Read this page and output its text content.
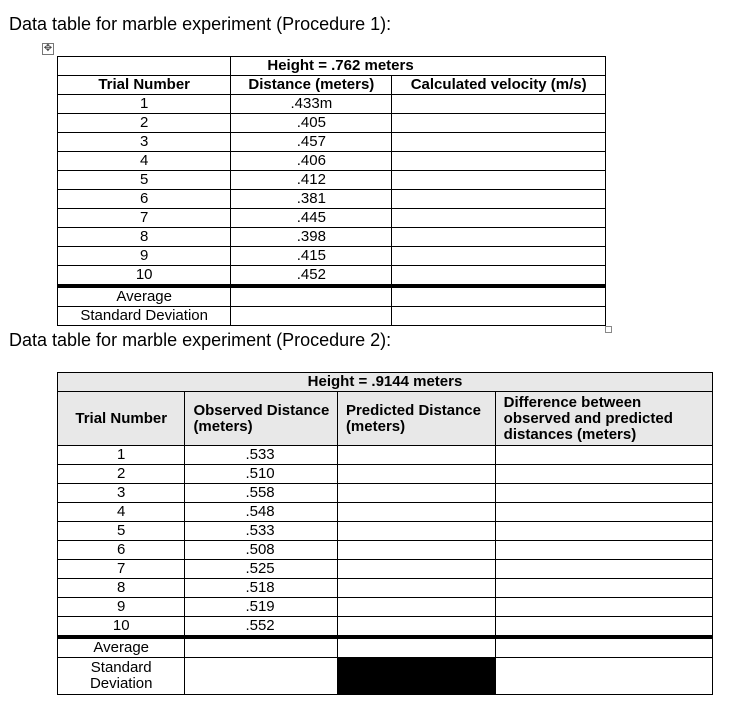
Data table for marble experiment (Procedure 1):
✥
	Height = .762 meters	
Trial Number	Distance (meters)	Calculated velocity (m/s)
1	.433m	
2	.405	
3	.457	
4	.406	
5	.412	
6	.381	
7	.445	
8	.398	
9	.415	
10	.452	
Average		
Standard Deviation		
Data table for marble experiment (Procedure 2):
Height = .9144 meters			
Trial Number	Observed Distance (meters)	Predicted Distance (meters)	Difference between observed and predicted distances (meters)
1	.533		
2	.510		
3	.558		
4	.548		
5	.533		
6	.508		
7	.525		
8	.518		
9	.519		
10	.552		
Average			
Standard Deviation			
